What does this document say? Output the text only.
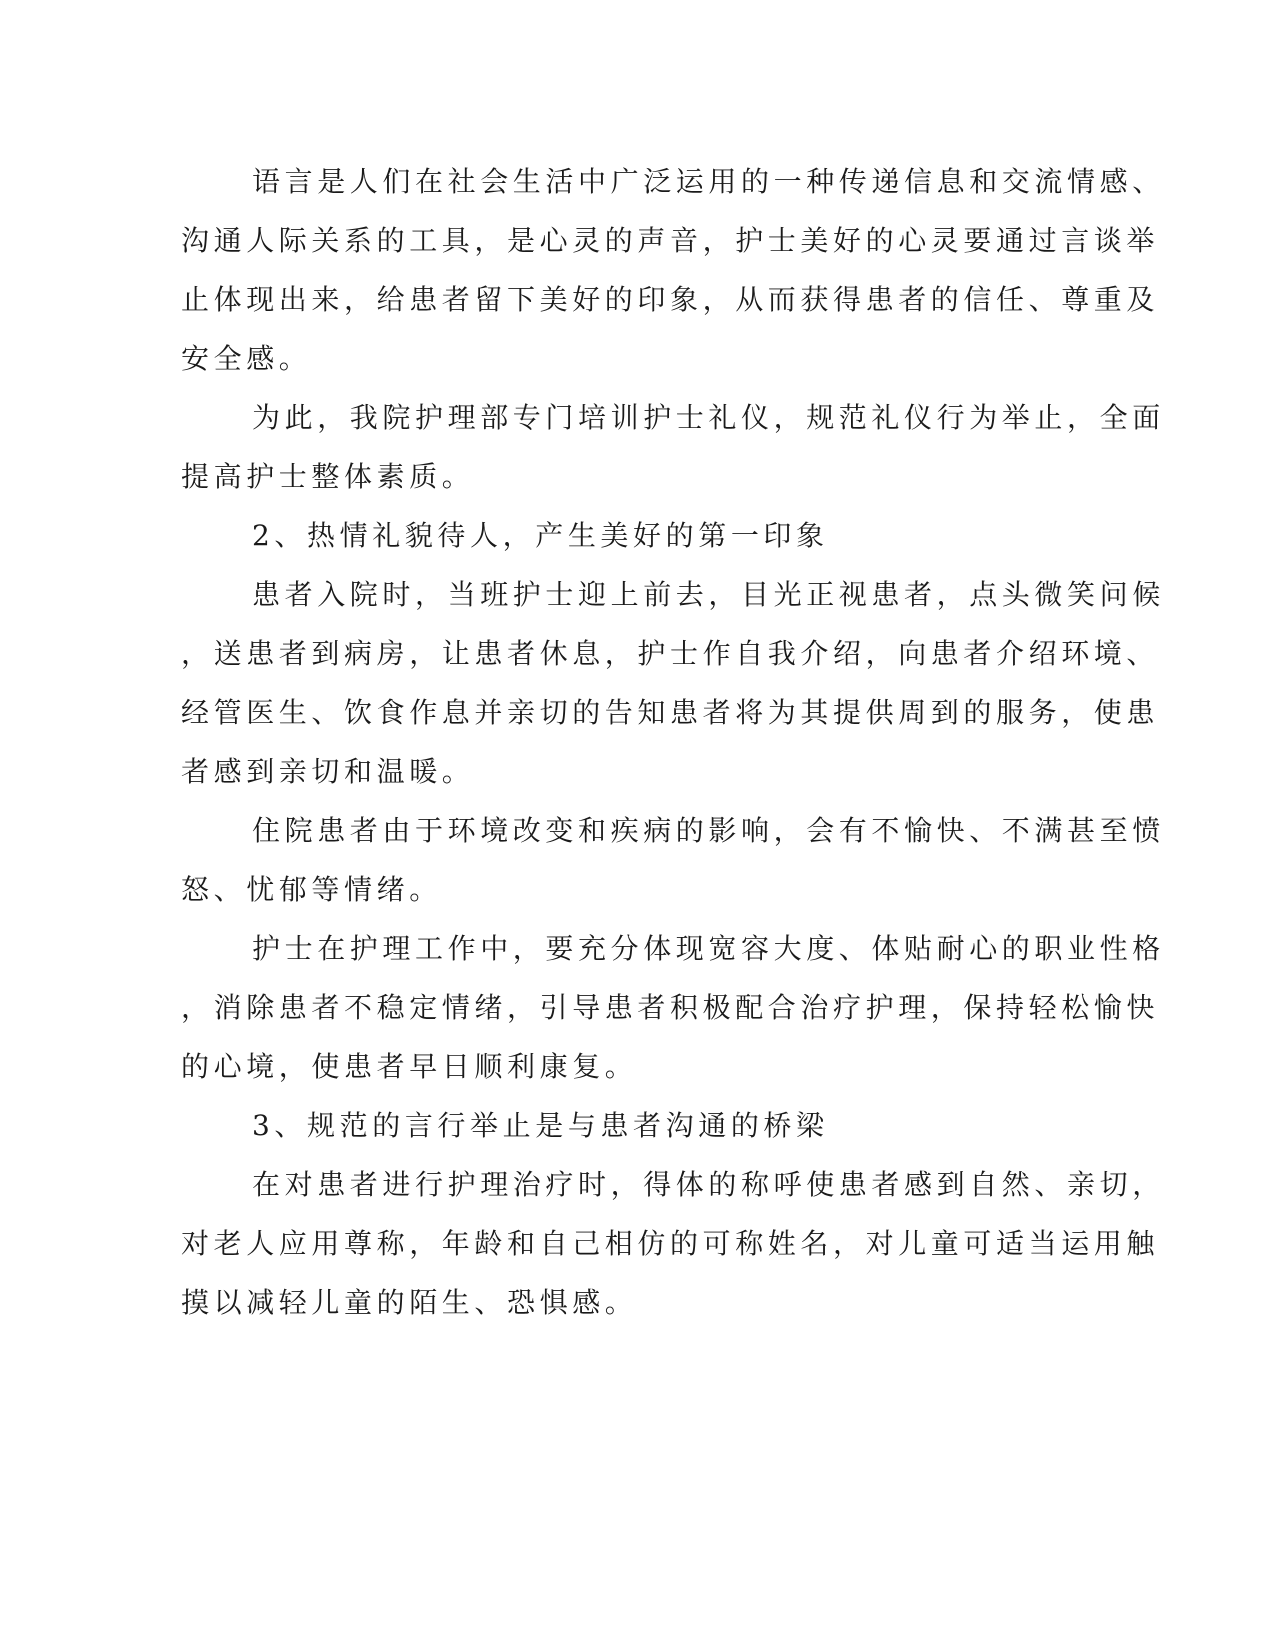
语言是人们在社会生活中广泛运用的一种传递信息和交流情感、
沟通人际关系的工具，是心灵的声音，护士美好的心灵要通过言谈举
止体现出来，给患者留下美好的印象，从而获得患者的信任、尊重及
安全感。
为此，我院护理部专门培训护士礼仪，规范礼仪行为举止，全面
提高护士整体素质。
2、热情礼貌待人，产生美好的第一印象
患者入院时，当班护士迎上前去，目光正视患者，点头微笑问候
，送患者到病房，让患者休息，护士作自我介绍，向患者介绍环境、
经管医生、饮食作息并亲切的告知患者将为其提供周到的服务，使患
者感到亲切和温暖。
住院患者由于环境改变和疾病的影响，会有不愉快、不满甚至愤
怒、忧郁等情绪。
护士在护理工作中，要充分体现宽容大度、体贴耐心的职业性格
，消除患者不稳定情绪，引导患者积极配合治疗护理，保持轻松愉快
的心境，使患者早日顺利康复。
3、规范的言行举止是与患者沟通的桥梁
在对患者进行护理治疗时，得体的称呼使患者感到自然、亲切，
对老人应用尊称，年龄和自己相仿的可称姓名，对儿童可适当运用触
摸以减轻儿童的陌生、恐惧感。
